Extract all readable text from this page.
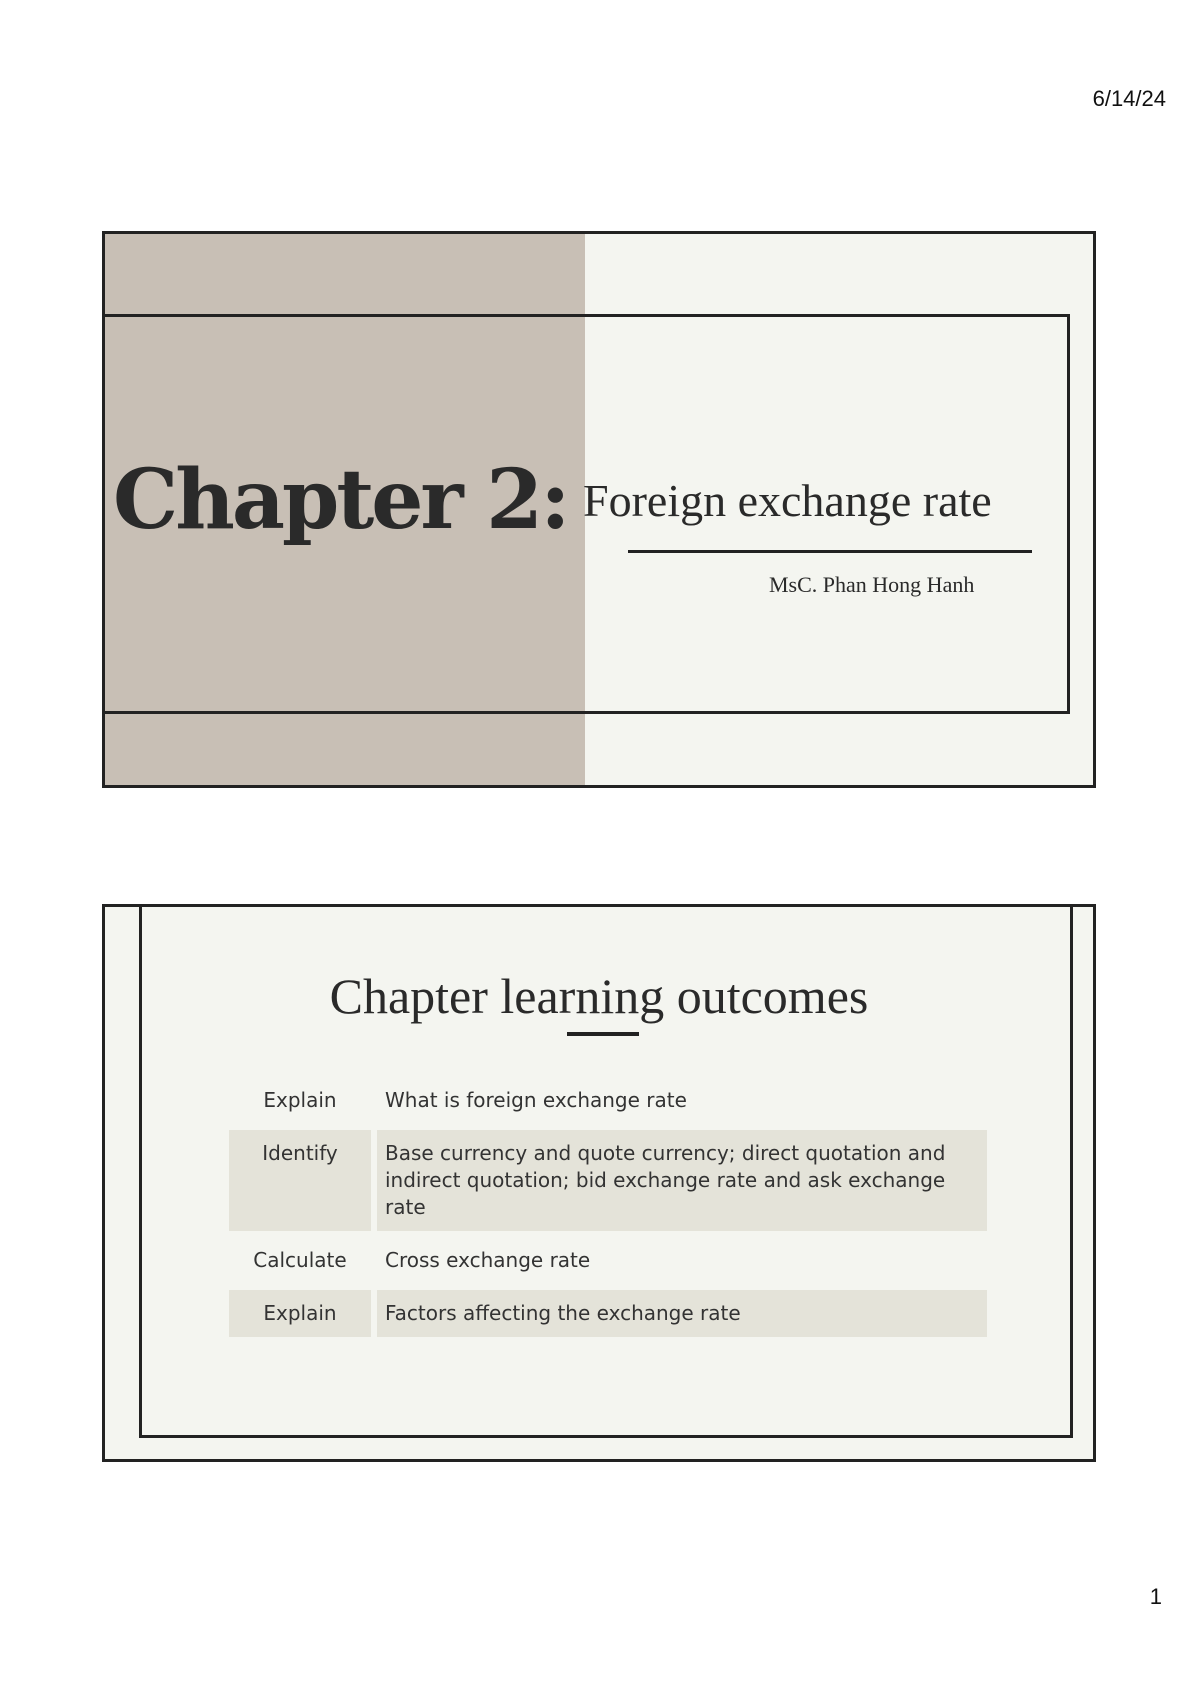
6/14/24
Chapter 2: Foreign exchange rate
MsC. Phan Hong Hanh
Chapter learning outcomes
Explain	What is foreign exchange rate
Identify	Base currency and quote currency; direct quotation and indirect quotation; bid exchange rate and ask exchange rate
Calculate	Cross exchange rate
Explain	Factors affecting the exchange rate
1
